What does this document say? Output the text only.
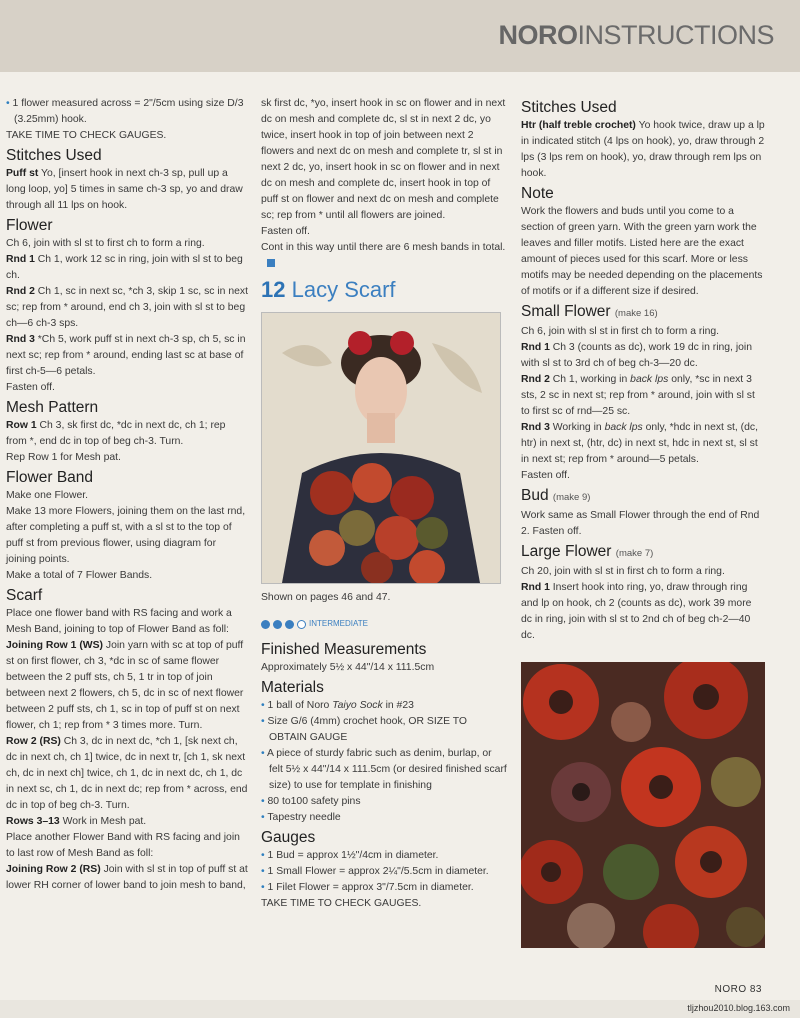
NOROINSTRUCTIONS

• 1 flower measured across = 2"/5cm using size D/3 (3.25mm) hook.

TAKE TIME TO CHECK GAUGES.

Stitches Used

Puff st Yo, [insert hook in next ch-3 sp, pull up a long loop, yo] 5 times in same ch-3 sp, yo and draw through all 11 lps on hook.

Flower

Ch 6, join with sl st to first ch to form a ring.

Rnd 1 Ch 1, work 12 sc in ring, join with sl st to beg ch.

Rnd 2 Ch 1, sc in next sc, *ch 3, skip 1 sc, sc in next sc; rep from * around, end ch 3, join with sl st to beg ch—6 ch-3 sps.

Rnd 3 *Ch 5, work puff st in next ch-3 sp, ch 5, sc in next sc; rep from * around, ending last sc at base of first ch-5—6 petals.

Fasten off.

Mesh Pattern

Row 1 Ch 3, sk first dc, *dc in next dc, ch 1; rep from *, end dc in top of beg ch-3. Turn.

Rep Row 1 for Mesh pat.

Flower Band

Make one Flower.

Make 13 more Flowers, joining them on the last rnd, after completing a puff st, with a sl st to the top of puff st from previous flower, using diagram for joining points.

Make a total of 7 Flower Bands.

Scarf

Place one flower band with RS facing and work a Mesh Band, joining to top of Flower Band as foll:

Joining Row 1 (WS) Join yarn with sc at top of puff st on first flower, ch 3, *dc in sc of same flower between the 2 puff sts, ch 5, 1 tr in top of join between next 2 flowers, ch 5, dc in sc of next flower between 2 puff sts, ch 1, sc in top of puff st on next flower, ch 1; rep from * 3 times more. Turn.

Row 2 (RS) Ch 3, dc in next dc, *ch 1, [sk next ch, dc in next ch, ch 1] twice, dc in next tr, [ch 1, sk next ch, dc in next ch] twice, ch 1, dc in next dc, ch 1, dc in next sc, ch 1, dc in next dc; rep from * across, end dc in top of beg ch-3. Turn.

Rows 3–13 Work in Mesh pat.

Place another Flower Band with RS facing and join to last row of Mesh Band as foll:

Joining Row 2 (RS) Join with sl st in top of puff st at lower RH corner of lower band to join mesh to band,

sk first dc, *yo, insert hook in sc on flower and in next dc on mesh and complete dc, sl st in next 2 dc, yo twice, insert hook in top of join between next 2 flowers and next dc on mesh and complete tr, sl st in next 2 dc, yo, insert hook in sc on flower and in next dc on mesh and complete dc, insert hook in top of puff st on flower and next dc on mesh and complete sc; rep from * until all flowers are joined.

Fasten off.

Cont in this way until there are 6 mesh bands in total.

12 Lacy Scarf

Shown on pages 46 and 47.

INTERMEDIATE
Finished Measurements

Approximately 5½ x 44"/14 x 111.5cm

Materials

• 1 ball of Noro Taiyo Sock in #23

• Size G/6 (4mm) crochet hook, OR SIZE TO OBTAIN GAUGE

• A piece of sturdy fabric such as denim, burlap, or felt 5½ x 44"/14 x 111.5cm (or desired finished scarf size) to use for template in finishing

• 80 to100 safety pins

• Tapestry needle

Gauges

• 1 Bud = approx 1½"/4cm in diameter.

• 1 Small Flower = approx 2¼"/5.5cm in diameter.

• 1 Filet Flower = approx 3"/7.5cm in diameter.

TAKE TIME TO CHECK GAUGES.

Stitches Used

Htr (half treble crochet) Yo hook twice, draw up a lp in indicated stitch (4 lps on hook), yo, draw through 2 lps (3 lps rem on hook), yo, draw through rem lps on hook.

Note

Work the flowers and buds until you come to a section of green yarn. With the green yarn work the leaves and filler motifs. Listed here are the exact amount of pieces used for this scarf. More or less motifs may be needed depending on the placements of motifs or if a different size if desired.

Small Flower (make 16)

Ch 6, join with sl st in first ch to form a ring.

Rnd 1 Ch 3 (counts as dc), work 19 dc in ring, join with sl st to 3rd ch of beg ch-3—20 dc.

Rnd 2 Ch 1, working in back lps only, *sc in next 3 sts, 2 sc in next st; rep from * around, join with sl st to first sc of rnd—25 sc.

Rnd 3 Working in back lps only, *hdc in next st, (dc, htr) in next st, (htr, dc) in next st, hdc in next st, sl st in next st; rep from * around—5 petals.

Fasten off.

Bud (make 9)

Work same as Small Flower through the end of Rnd 2. Fasten off.

Large Flower (make 7)

Ch 20, join with sl st in first ch to form a ring.

Rnd 1 Insert hook into ring, yo, draw through ring and lp on hook, ch 2 (counts as dc), work 39 more dc in ring, join with sl st to 2nd ch of beg ch-2—40 dc.

NORO 83
tljzhou2010.blog.163.com
